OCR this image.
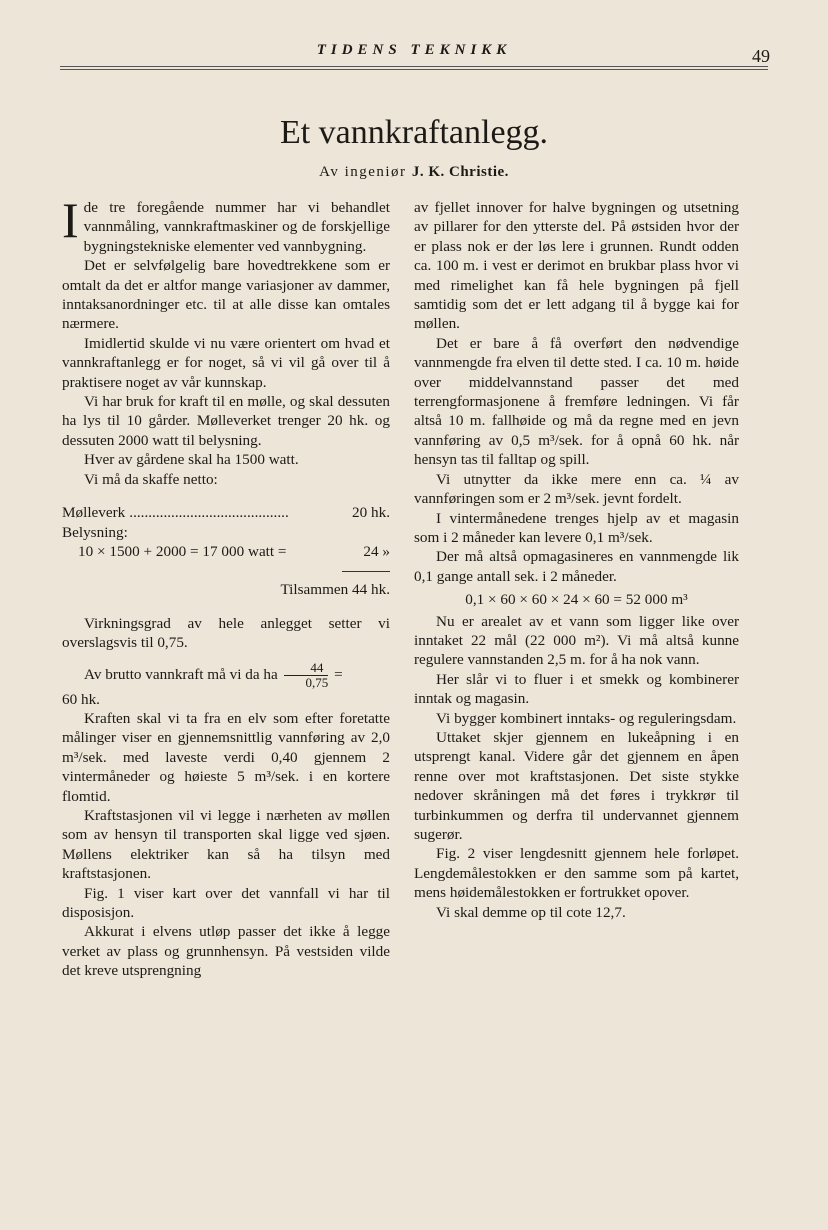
TIDENS TEKNIKK	49
Et vannkraftanlegg.
Av ingeniør J. K. Christie.

Ide tre foregående nummer har vi behandlet vannmåling, vannkraftmaskiner og de forskjellige bygningstekniske elementer ved vannbygning.

Det er selvfølgelig bare hovedtrekkene som er omtalt da det er altfor mange variasjoner av dammer, inntaksanordninger etc. til at alle disse kan omtales nærmere.

Imidlertid skulde vi nu være orientert om hvad et vannkraftanlegg er for noget, så vi vil gå over til å praktisere noget av vår kunnskap.

Vi har bruk for kraft til en mølle, og skal dessuten ha lys til 10 gårder. Mølleverket trenger 20 hk. og dessuten 2000 watt til belysning.

Hver av gårdene skal ha 1500 watt.

Vi må da skaffe netto:

Mølleverk ..........................................	20 hk.
Belysning:
10 × 1500 + 2000 = 17 000 watt =	24 »
Tilsammen 44 hk.

Virkningsgrad av hele anlegget setter vi overslagsvis til 0,75.

Av brutto vannkraft må vi da ha $\frac{44}{0,75}$ =

60 hk.

Kraften skal vi ta fra en elv som efter foretatte målinger viser en gjennemsnittlig vannføring av 2,0 m³/sek. med laveste verdi 0,40 gjennem 2 vintermåneder og høieste 5 m³/sek. i en kortere flomtid.

Kraftstasjonen vil vi legge i nærheten av møllen som av hensyn til transporten skal ligge ved sjøen. Møllens elektriker kan så ha tilsyn med kraftstasjonen.

Fig. 1 viser kart over det vannfall vi har til disposisjon.

Akkurat i elvens utløp passer det ikke å legge verket av plass og grunnhensyn. På vestsiden vilde det kreve utsprengning

av fjellet innover for halve bygningen og utsetning av pillarer for den ytterste del. På østsiden hvor der er plass nok er der løs lere i grunnen. Rundt odden ca. 100 m. i vest er derimot en brukbar plass hvor vi med rimelighet kan få hele bygningen på fjell samtidig som det er lett adgang til å bygge kai for møllen.

Det er bare å få overført den nødvendige vannmengde fra elven til dette sted. I ca. 10 m. høide over middelvannstand passer det med terrengformasjonene å fremføre ledningen. Vi får altså 10 m. fallhøide og må da regne med en jevn vannføring av 0,5 m³/sek. for å opnå 60 hk. når hensyn tas til falltap og spill.

Vi utnytter da ikke mere enn ca. ¼ av vannføringen som er 2 m³/sek. jevnt fordelt.

I vintermånedene trenges hjelp av et magasin som i 2 måneder kan levere 0,1 m³/sek.

Der må altså opmagasineres en vannmengde lik 0,1 gange antall sek. i 2 måneder.

0,1 × 60 × 60 × 24 × 60 = 52 000 m³

Nu er arealet av et vann som ligger like over inntaket 22 mål (22 000 m²). Vi må altså kunne regulere vannstanden 2,5 m. for å ha nok vann.

Her slår vi to fluer i et smekk og kombinerer inntak og magasin.

Vi bygger kombinert inntaks- og reguleringsdam.

Uttaket skjer gjennem en lukeåpning i en utsprengt kanal. Videre går det gjennem en åpen renne over mot kraftstasjonen. Det siste stykke nedover skråningen må det føres i trykkrør til turbinkummen og derfra til undervannet gjennem sugerør.

Fig. 2 viser lengdesnitt gjennem hele forløpet. Lengdemålestokken er den samme som på kartet, mens høidemålestokken er fortrukket opover.

Vi skal demme op til cote 12,7.
